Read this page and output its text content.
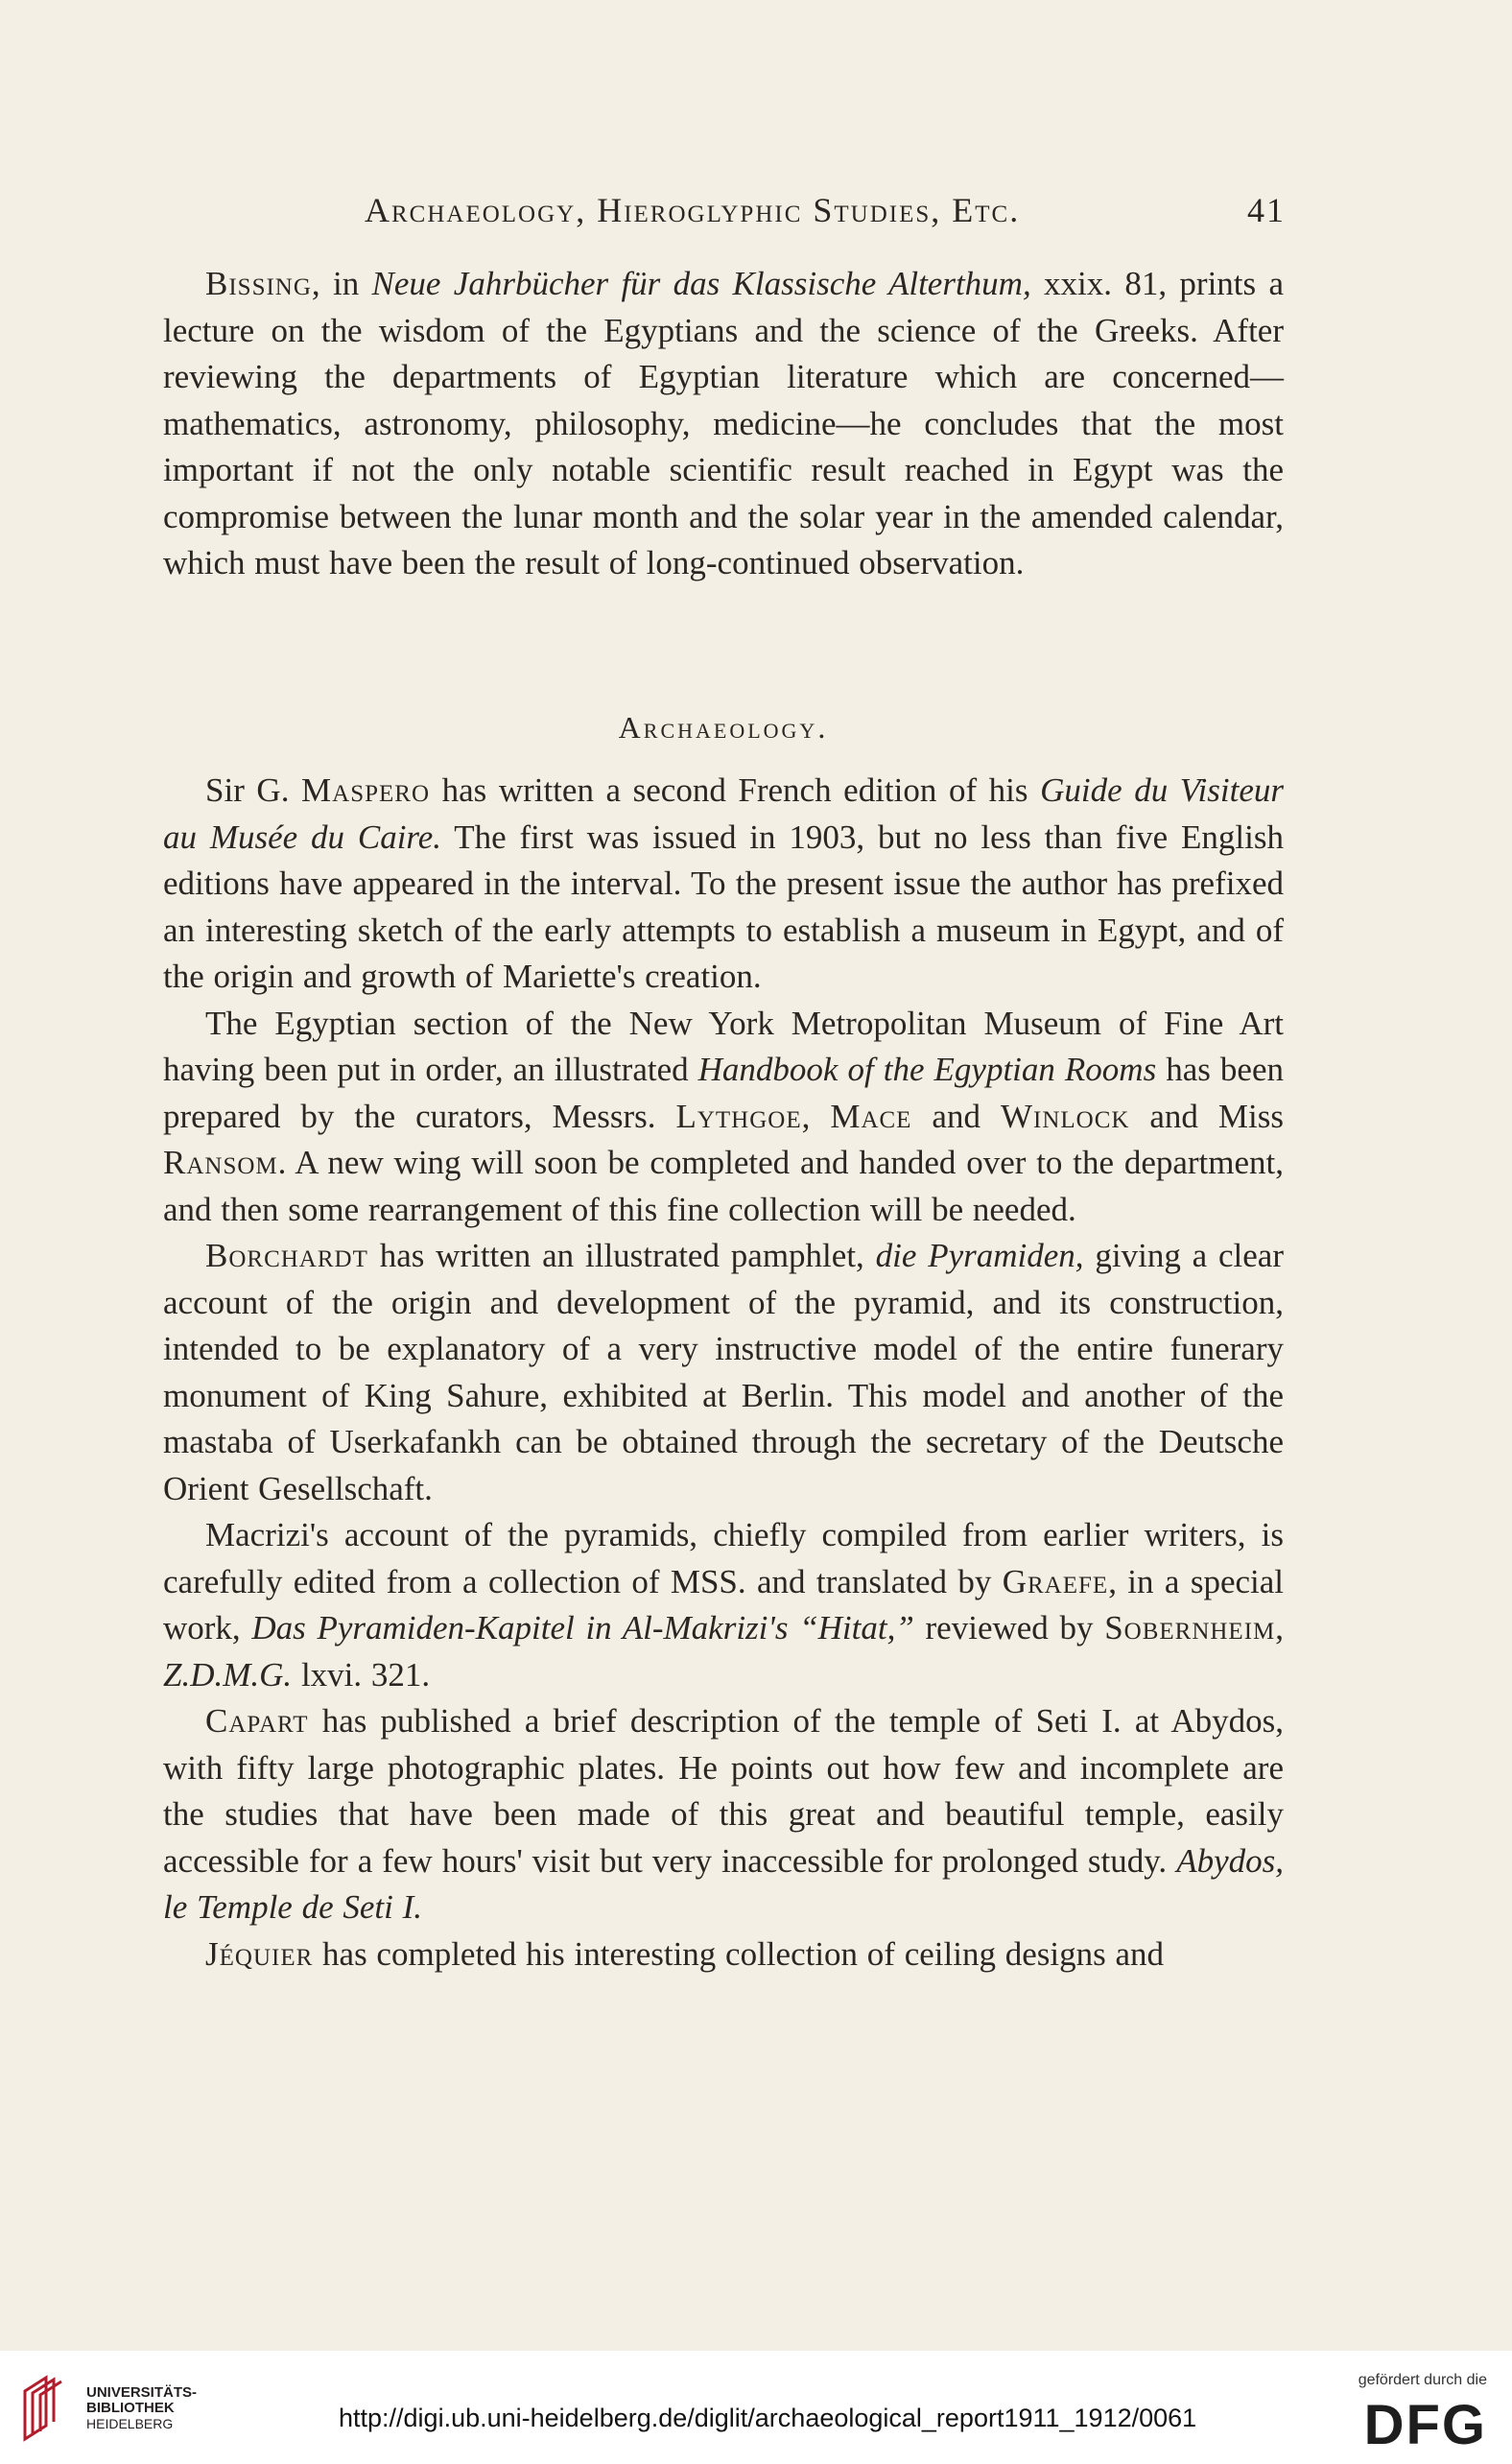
Archaeology, Hieroglyphic Studies, Etc.	41

Bissing, in Neue Jahrbücher für das Klassische Alterthum, xxix. 81, prints a lecture on the wisdom of the Egyptians and the science of the Greeks. After reviewing the departments of Egyptian literature which are concerned—mathematics, astronomy, philosophy, medicine—he concludes that the most important if not the only notable scientific result reached in Egypt was the compromise between the lunar month and the solar year in the amended calendar, which must have been the result of long-continued observation.

Archaeology.

Sir G. Maspero has written a second French edition of his Guide du Visiteur au Musée du Caire. The first was issued in 1903, but no less than five English editions have appeared in the interval. To the present issue the author has prefixed an interesting sketch of the early attempts to establish a museum in Egypt, and of the origin and growth of Mariette's creation.

The Egyptian section of the New York Metropolitan Museum of Fine Art having been put in order, an illustrated Handbook of the Egyptian Rooms has been prepared by the curators, Messrs. Lythgoe, Mace and Winlock and Miss Ransom. A new wing will soon be completed and handed over to the department, and then some rearrangement of this fine collection will be needed.

Borchardt has written an illustrated pamphlet, die Pyramiden, giving a clear account of the origin and development of the pyramid, and its construction, intended to be explanatory of a very instructive model of the entire funerary monument of King Sahure, exhibited at Berlin. This model and another of the mastaba of Userkafankh can be obtained through the secretary of the Deutsche Orient Gesellschaft.

Macrizi's account of the pyramids, chiefly compiled from earlier writers, is carefully edited from a collection of MSS. and translated by Graefe, in a special work, Das Pyramiden-Kapitel in Al-Makrizi's “Hitat,” reviewed by Sobernheim, Z.D.M.G. lxvi. 321.

Capart has published a brief description of the temple of Seti I. at Abydos, with fifty large photographic plates. He points out how few and incomplete are the studies that have been made of this great and beautiful temple, easily accessible for a few hours' visit but very inaccessible for prolonged study. Abydos, le Temple de Seti I.

Jéquier has completed his interesting collection of ceiling designs and

UNIVERSITÄTS-
BIBLIOTHEK
HEIDELBERG	http://digi.ub.uni-heidelberg.de/diglit/archaeological_report1911_1912/0061
gefördert durch die
DFG
